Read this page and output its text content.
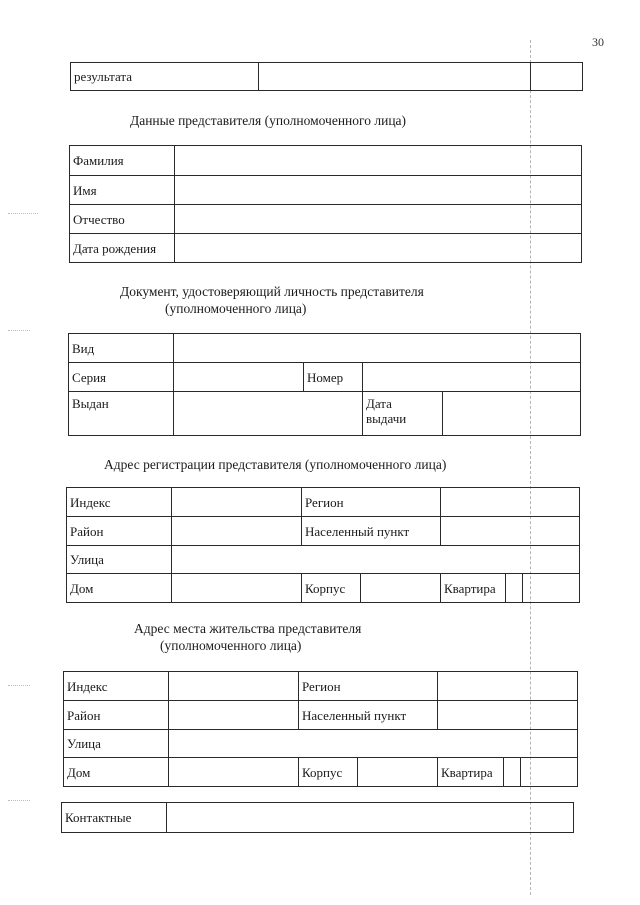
30
результата		
Данные представителя (уполномоченного лица)
Фамилия	
Имя	
Отчество	
Дата рождения	
Документ, удостоверяющий личность представителя
(уполномоченного лица)
Вид				
Серия		Номер		
Выдан			Дата
выдачи	
Адрес регистрации представителя (уполномоченного лица)
Индекс		Регион				
Район		Населенный пункт				
Улица						
Дом		Корпус		Квартира		
Адрес места жительства представителя
(уполномоченного лица)
Индекс		Регион				
Район		Населенный пункт				
Улица						
Дом		Корпус		Квартира		
Контактные	
